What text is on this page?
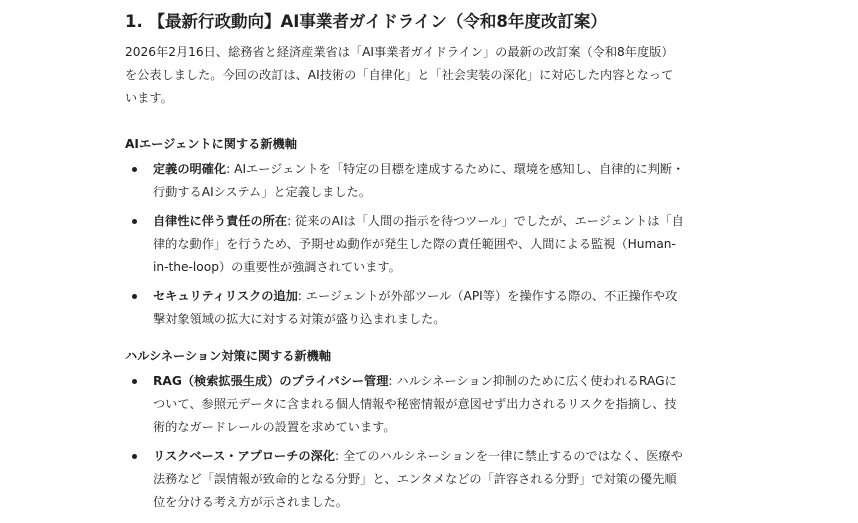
1. 【最新行政動向】AI事業者ガイドライン（令和8年度改訂案）

2026年2月16日、総務省と経済産業省は「AI事業者ガイドライン」の最新の改訂案（令和8年度版）を公表しました。今回の改訂は、AI技術の「自律化」と「社会実装の深化」に対応した内容となっています。

AIエージェントに関する新機軸
定義の明確化: AIエージェントを「特定の目標を達成するために、環境を感知し、自律的に判断・行動するAIシステム」と定義しました。
自律性に伴う責任の所在: 従来のAIは「人間の指示を待つツール」でしたが、エージェントは「自律的な動作」を行うため、予期せぬ動作が発生した際の責任範囲や、人間による監視（Human-in-the-loop）の重要性が強調されています。
セキュリティリスクの追加: エージェントが外部ツール（API等）を操作する際の、不正操作や攻撃対象領域の拡大に対する対策が盛り込まれました。
ハルシネーション対策に関する新機軸
RAG（検索拡張生成）のプライバシー管理: ハルシネーション抑制のために広く使われるRAGについて、参照元データに含まれる個人情報や秘密情報が意図せず出力されるリスクを指摘し、技術的なガードレールの設置を求めています。
リスクベース・アプローチの深化: 全てのハルシネーションを一律に禁止するのではなく、医療や法務など「誤情報が致命的となる分野」と、エンタメなどの「許容される分野」で対策の優先順位を分ける考え方が示されました。
